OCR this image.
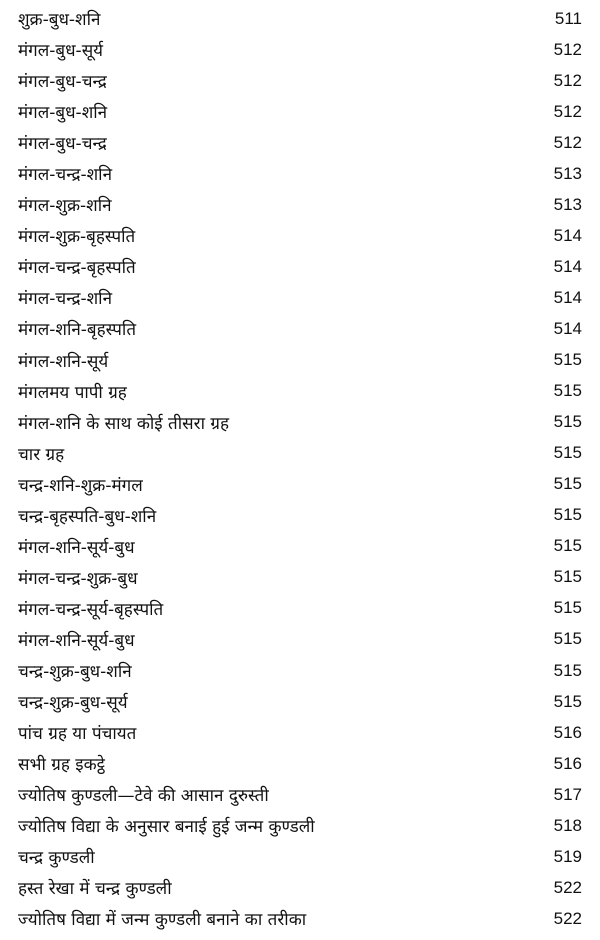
शुक्र-बुध-शनि	511
मंगल-बुध-सूर्य	512
मंगल-बुध-चन्द्र	512
मंगल-बुध-शनि	512
मंगल-बुध-चन्द्र	512
मंगल-चन्द्र-शनि	513
मंगल-शुक्र-शनि	513
मंगल-शुक्र-बृहस्पति	514
मंगल-चन्द्र-बृहस्पति	514
मंगल-चन्द्र-शनि	514
मंगल-शनि-बृहस्पति	514
मंगल-शनि-सूर्य	515
मंगलमय पापी ग्रह	515
मंगल-शनि के साथ कोई तीसरा ग्रह	515
चार ग्रह	515
चन्द्र-शनि-शुक्र-मंगल	515
चन्द्र-बृहस्पति-बुध-शनि	515
मंगल-शनि-सूर्य-बुध	515
मंगल-चन्द्र-शुक्र-बुध	515
मंगल-चन्द्र-सूर्य-बृहस्पति	515
मंगल-शनि-सूर्य-बुध	515
चन्द्र-शुक्र-बुध-शनि	515
चन्द्र-शुक्र-बुध-सूर्य	515
पांच ग्रह या पंचायत	516
सभी ग्रह इकट्ठे	516
ज्योतिष कुण्डली—टेवे की आसान दुरुस्ती	517
ज्योतिष विद्या के अनुसार बनाई हुई जन्म कुण्डली	518
चन्द्र कुण्डली	519
हस्त रेखा में चन्द्र कुण्डली	522
ज्योतिष विद्या में जन्म कुण्डली बनाने का तरीका	522
